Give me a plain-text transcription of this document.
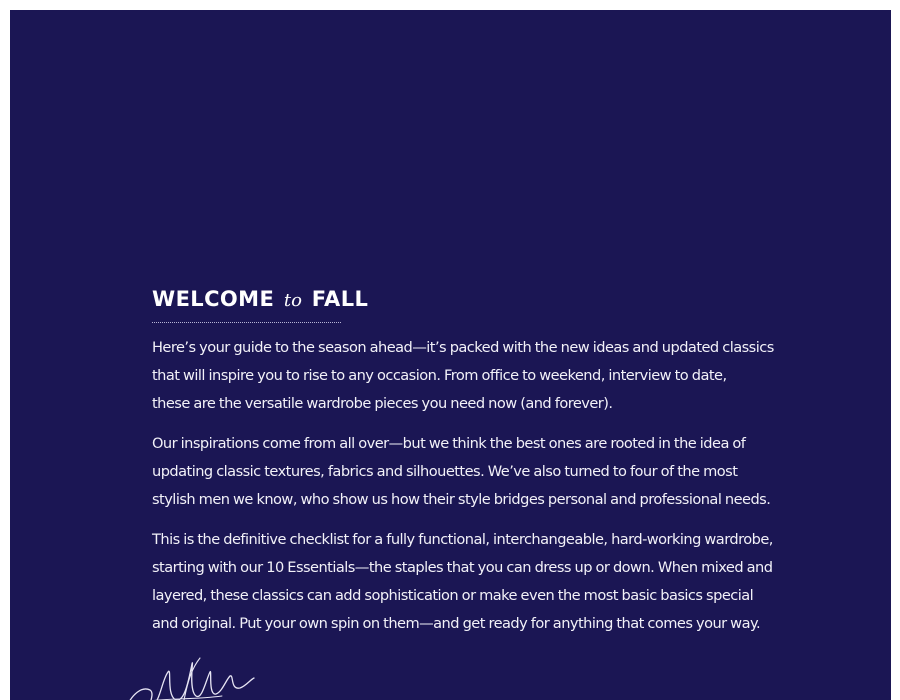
WELCOME to FALL

Here’s your guide to the season ahead—it’s packed with the new ideas and updated classics
that will inspire you to rise to any occasion. From office to weekend, interview to date,
these are the versatile wardrobe pieces you need now (and forever).

Our inspirations come from all over—but we think the best ones are rooted in the idea of
updating classic textures, fabrics and silhouettes. We’ve also turned to four of the most
stylish men we know, who show us how their style bridges personal and professional needs.

This is the definitive checklist for a fully functional, interchangeable, hard-working wardrobe,
starting with our 10 Essentials—the staples that you can dress up or down. When mixed and
layered, these classics can add sophistication or make even the most basic basics special
and original. Put your own spin on them—and get ready for anything that comes your way.
